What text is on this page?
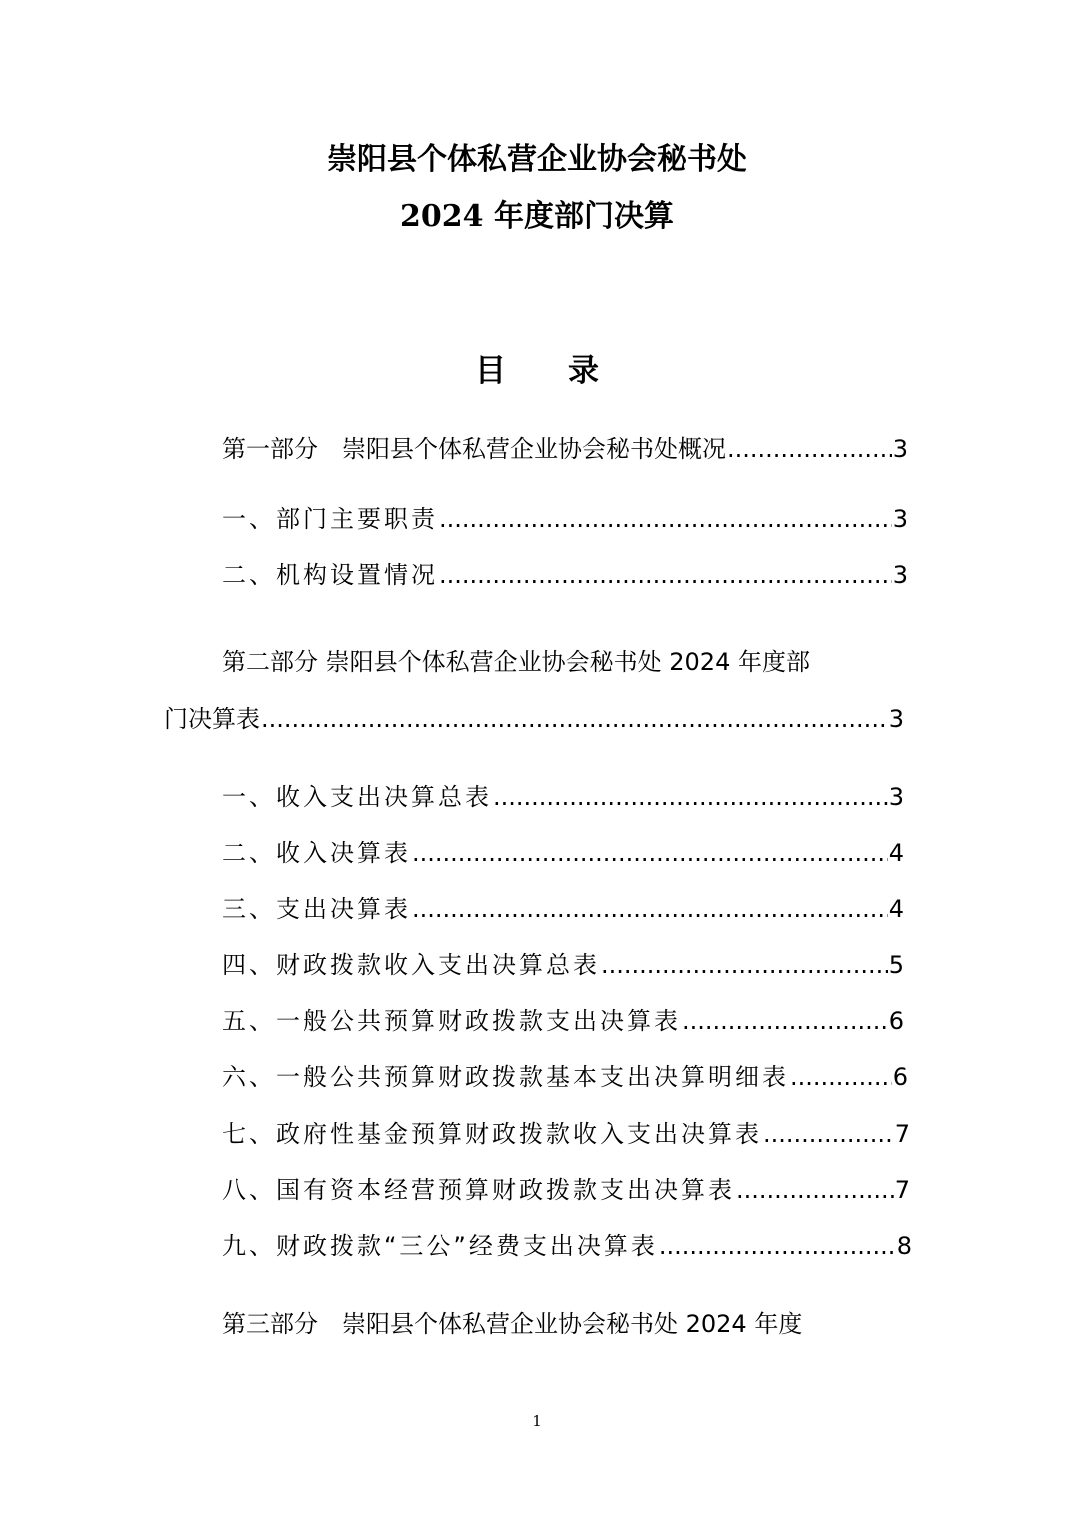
崇阳县个体私营企业协会秘书处
2024 年度部门决算
目 录
第一部分　崇阳县个体私营企业协会秘书处概况 .....	3
一、部门主要职责 .....	3
二、机构设置情况 .....	3
第二部分 崇阳县个体私营企业协会秘书处 2024 年度部
门决算表 .....	3
一、收入支出决算总表 .....	3
二、收入决算表 .....	4
三、支出决算表 .....	4
四、财政拨款收入支出决算总表 .....	5
五、一般公共预算财政拨款支出决算表 .....	6
六、一般公共预算财政拨款基本支出决算明细表 .....	6
七、政府性基金预算财政拨款收入支出决算表 .....	7
八、国有资本经营预算财政拨款支出决算表 .....	7
九、财政拨款“三公”经费支出决算表 .....	8
第三部分　崇阳县个体私营企业协会秘书处 2024 年度
1
